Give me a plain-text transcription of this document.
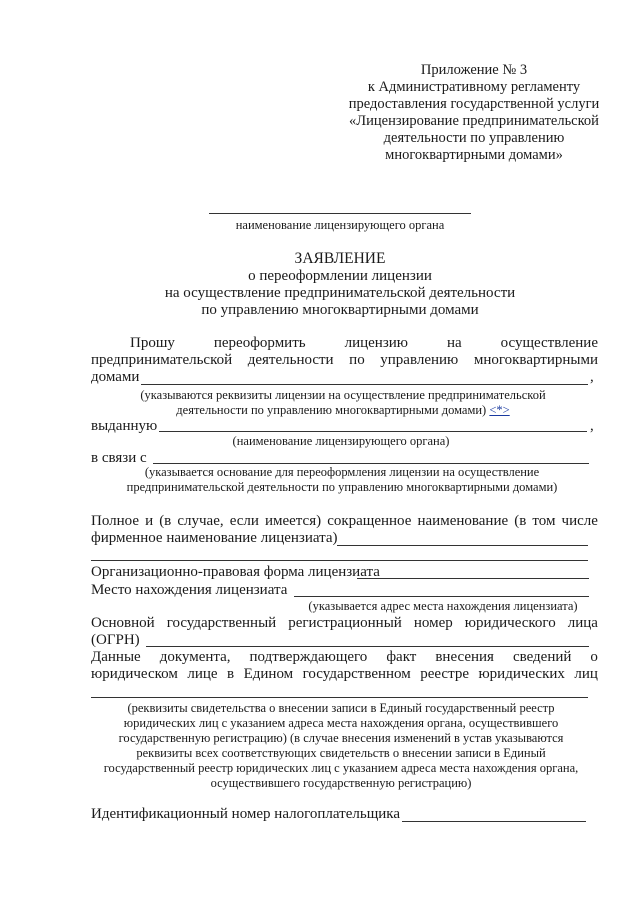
Приложение № 3
к Административному регламенту
предоставления государственной услуги
«Лицензирование предпринимательской
деятельности по управлению
многоквартирными домами»
наименование лицензирующего органа
ЗАЯВЛЕНИЕ
о переоформлении лицензии
на осуществление предпринимательской деятельности
по управлению многоквартирными домами
Прошу	переоформить	лицензию	на	осуществление
предпринимательской деятельности по управлению многоквартирными
домами	,
(указываются реквизиты лицензии на осуществление предпринимательской
деятельности по управлению многоквартирными домами) <*>
выданную	,
(наименование лицензирующего органа)
в связи с
(указывается основание для переоформления лицензии на осуществление
предпринимательской деятельности по управлению многоквартирными домами)
Полное и (в случае, если имеется) сокращенное наименование (в том числе
фирменное наименование лицензиата)
Организационно-правовая форма лицензиата
Место нахождения лицензиата
(указывается адрес места нахождения лицензиата)
Основной государственный регистрационный номер юридического лица
(ОГРН)
Данные документа, подтверждающего факт внесения сведений о
юридическом лице в Едином государственном реестре юридических лиц
(реквизиты свидетельства о внесении записи в Единый государственный реестр
юридических лиц с указанием адреса места нахождения органа, осуществившего
государственную регистрацию) (в случае внесения изменений в устав указываются
реквизиты всех соответствующих свидетельств о внесении записи в Единый
государственный реестр юридических лиц с указанием адреса места нахождения органа,
осуществившего государственную регистрацию)
Идентификационный номер налогоплательщика
